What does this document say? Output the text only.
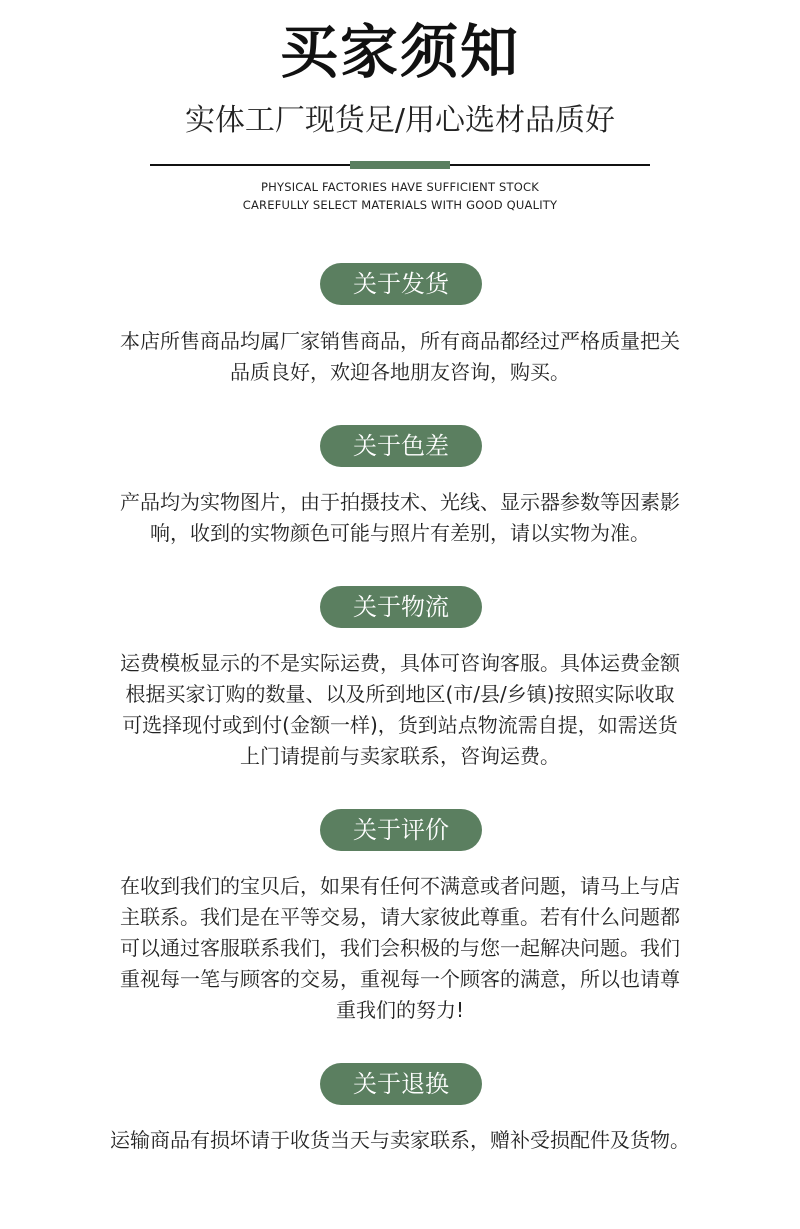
买家须知
实体工厂现货足/用心选材品质好
PHYSICAL FACTORIES HAVE SUFFICIENT STOCK
CAREFULLY SELECT MATERIALS WITH GOOD QUALITY
关于发货
本店所售商品均属厂家销售商品，所有商品都经过严格质量把关
品质良好，欢迎各地朋友咨询，购买。
关于色差
产品均为实物图片，由于拍摄技术、光线、显示器参数等因素影
响，收到的实物颜色可能与照片有差别，请以实物为准。
关于物流
运费模板显示的不是实际运费，具体可咨询客服。具体运费金额
根据买家订购的数量、以及所到地区(市/县/乡镇)按照实际收取
可选择现付或到付(金额一样)，货到站点物流需自提，如需送货
上门请提前与卖家联系，咨询运费。
关于评价
在收到我们的宝贝后，如果有任何不满意或者问题，请马上与店
主联系。我们是在平等交易，请大家彼此尊重。若有什么问题都
可以通过客服联系我们，我们会积极的与您一起解决问题。我们
重视每一笔与顾客的交易，重视每一个顾客的满意，所以也请尊
重我们的努力!
关于退换
运输商品有损坏请于收货当天与卖家联系，赠补受损配件及货物。
